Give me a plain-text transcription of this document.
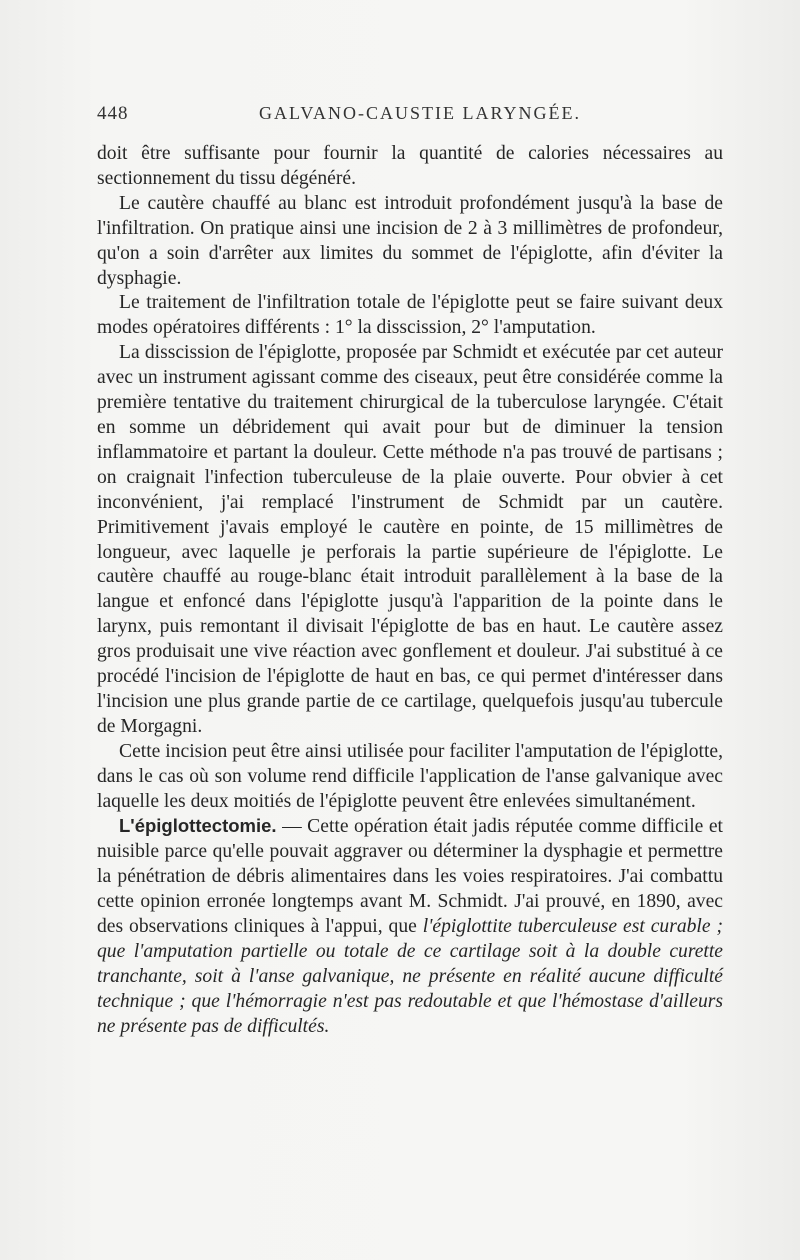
448	GALVANO-CAUSTIE LARYNGÉE.

doit être suffisante pour fournir la quantité de calories nécessaires au sectionnement du tissu dégénéré.

Le cautère chauffé au blanc est introduit profondément jusqu'à la base de l'infiltration. On pratique ainsi une incision de 2 à 3 millimètres de profondeur, qu'on a soin d'arrêter aux limites du sommet de l'épiglotte, afin d'éviter la dysphagie.

Le traitement de l'infiltration totale de l'épiglotte peut se faire suivant deux modes opératoires différents : 1° la disscission, 2° l'amputation.

La disscission de l'épiglotte, proposée par Schmidt et exécutée par cet auteur avec un instrument agissant comme des ciseaux, peut être considérée comme la première tentative du traitement chirurgical de la tuberculose laryngée. C'était en somme un débridement qui avait pour but de diminuer la tension inflammatoire et partant la douleur. Cette méthode n'a pas trouvé de partisans ; on craignait l'infection tuberculeuse de la plaie ouverte. Pour obvier à cet inconvénient, j'ai remplacé l'instrument de Schmidt par un cautère. Primitivement j'avais employé le cautère en pointe, de 15 millimètres de longueur, avec laquelle je perforais la partie supérieure de l'épiglotte. Le cautère chauffé au rouge-blanc était introduit parallèlement à la base de la langue et enfoncé dans l'épiglotte jusqu'à l'apparition de la pointe dans le larynx, puis remontant il divisait l'épiglotte de bas en haut. Le cautère assez gros produisait une vive réaction avec gonflement et douleur. J'ai substitué à ce procédé l'incision de l'épiglotte de haut en bas, ce qui permet d'intéresser dans l'incision une plus grande partie de ce cartilage, quelquefois jusqu'au tubercule de Morgagni.

Cette incision peut être ainsi utilisée pour faciliter l'amputation de l'épiglotte, dans le cas où son volume rend difficile l'application de l'anse galvanique avec laquelle les deux moitiés de l'épiglotte peuvent être enlevées simultanément.

L'épiglottectomie. — Cette opération était jadis réputée comme difficile et nuisible parce qu'elle pouvait aggraver ou déterminer la dysphagie et permettre la pénétration de débris alimentaires dans les voies respiratoires. J'ai combattu cette opinion erronée longtemps avant M. Schmidt. J'ai prouvé, en 1890, avec des observations cliniques à l'appui, que l'épiglottite tuberculeuse est curable ; que l'amputation partielle ou totale de ce cartilage soit à la double curette tranchante, soit à l'anse galvanique, ne présente en réalité aucune difficulté technique ; que l'hémorragie n'est pas redoutable et que l'hémostase d'ailleurs ne présente pas de difficultés.
